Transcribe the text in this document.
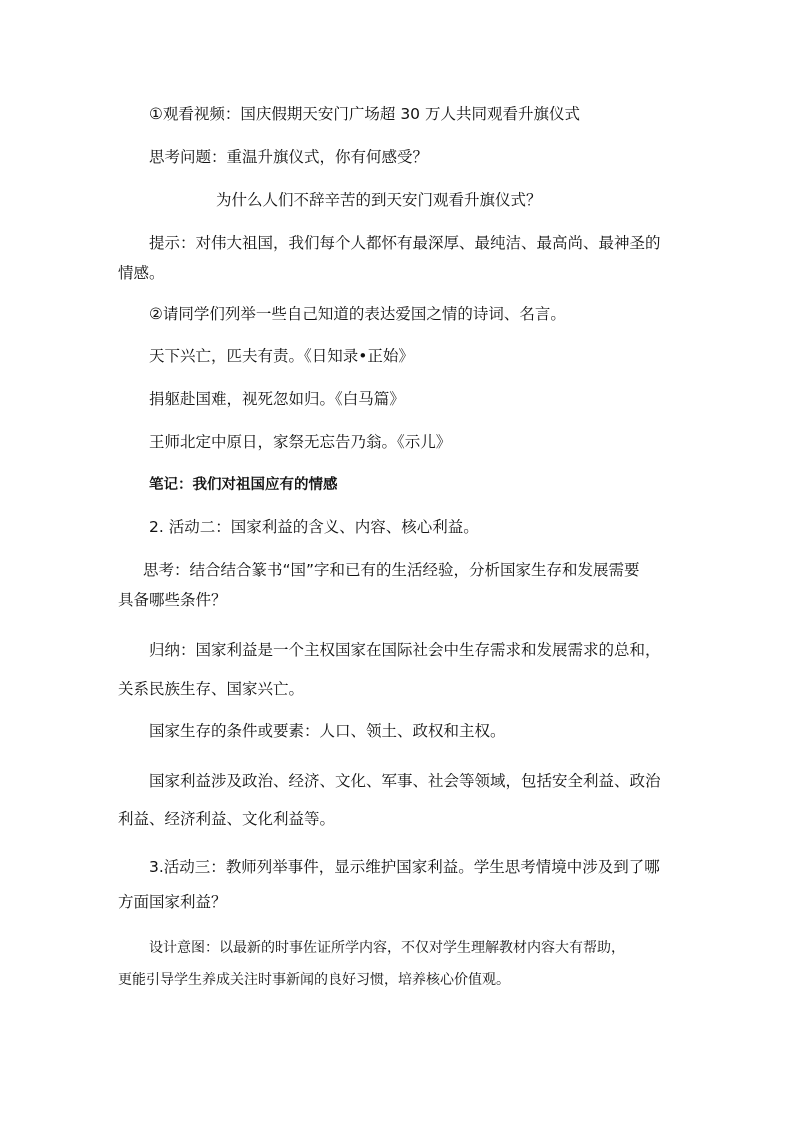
①观看视频：国庆假期天安门广场超 30 万人共同观看升旗仪式
思考问题：重温升旗仪式，你有何感受？
为什么人们不辞辛苦的到天安门观看升旗仪式？
提示：对伟大祖国，我们每个人都怀有最深厚、最纯洁、最高尚、最神圣的
情感。
②请同学们列举一些自己知道的表达爱国之情的诗词、名言。
天下兴亡，匹夫有责。《日知录•正始》
捐躯赴国难，视死忽如归。《白马篇》
王师北定中原日，家祭无忘告乃翁。《示儿》
笔记：我们对祖国应有的情感
2. 活动二：国家利益的含义、内容、核心利益。
思考：结合结合篆书“国”字和已有的生活经验，分析国家生存和发展需要
具备哪些条件？
归纳：国家利益是一个主权国家在国际社会中生存需求和发展需求的总和，
关系民族生存、国家兴亡。
国家生存的条件或要素：人口、领土、政权和主权。
国家利益涉及政治、经济、文化、军事、社会等领域，包括安全利益、政治
利益、经济利益、文化利益等。
3.活动三：教师列举事件，显示维护国家利益。学生思考情境中涉及到了哪
方面国家利益？
设计意图：以最新的时事佐证所学内容，不仅对学生理解教材内容大有帮助，
更能引导学生养成关注时事新闻的良好习惯，培养核心价值观。
